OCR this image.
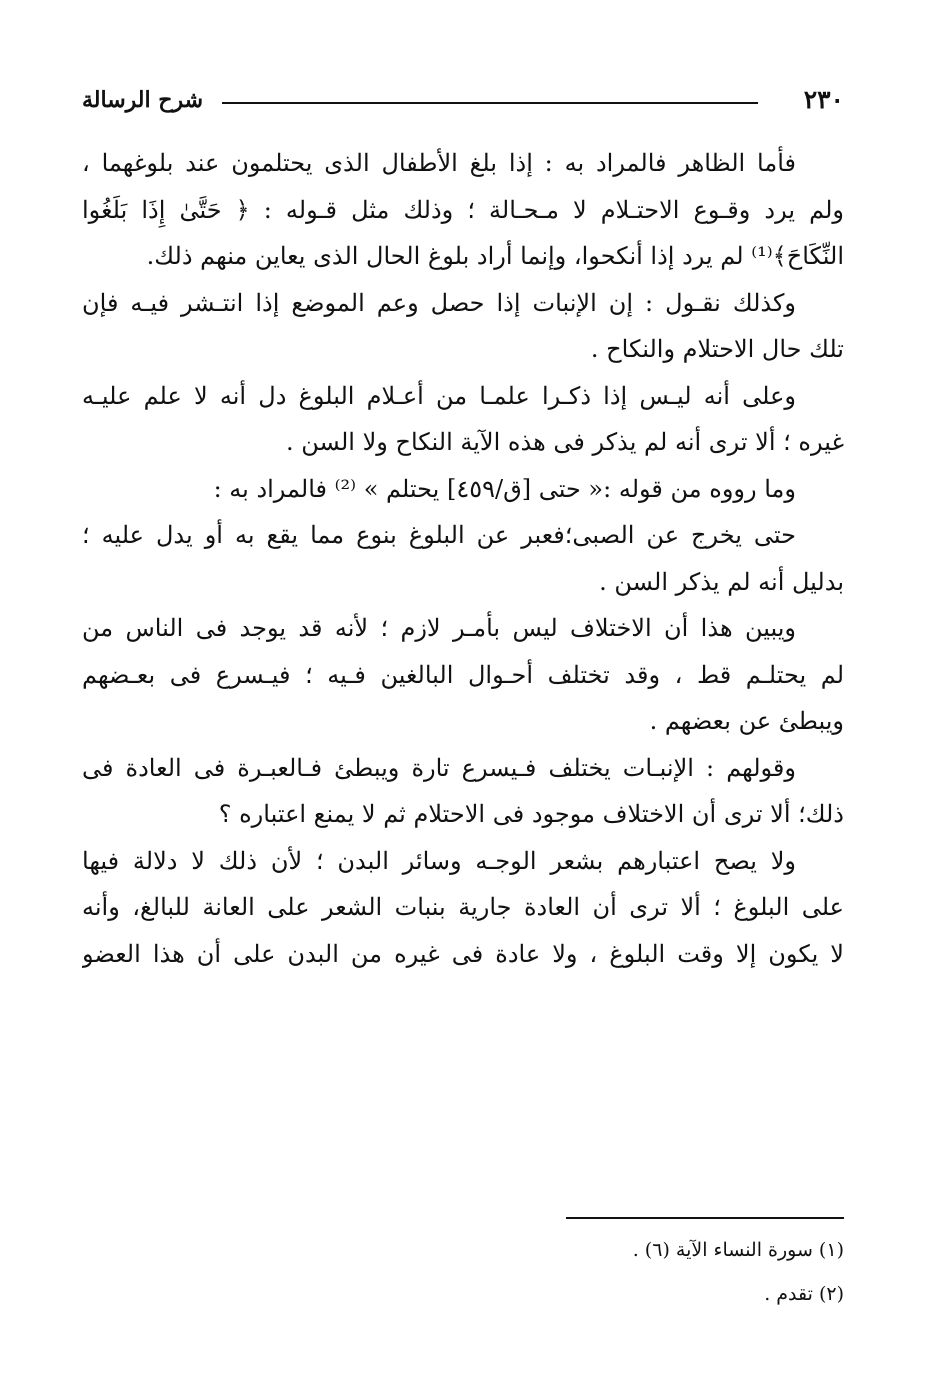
٢٣٠
شرح الرسالة
فأما الظاهر فالمراد به : إذا بلغ الأطفال الذى يحتلمون عند بلوغهما ،
ولم يرد وقـوع الاحتـلام لا مـحـالة ؛ وذلك مثل قـوله : ﴿ حَتَّىٰ إِذَا بَلَغُوا
النِّكَاحَ﴾⁽¹⁾ لم يرد إذا أنكحوا، وإنما أراد بلوغ الحال الذى يعاين منهم ذلك.
وكذلك نقـول : إن الإنبات إذا حصل وعم الموضع إذا انتـشر فيـه فإن
تلك حال الاحتلام والنكاح .
وعلى أنه ليـس إذا ذكـرا علمـا من أعـلام البلوغ دل أنه لا علم عليـه
غيره ؛ ألا ترى أنه لم يذكر فى هذه الآية النكاح ولا السن .
وما رووه من قوله :« حتى [ق/٤٥٩] يحتلم » ⁽²⁾ فالمراد به :
حتى يخرج عن الصبى؛فعبر عن البلوغ بنوع مما يقع به أو يدل عليه ؛
بدليل أنه لم يذكر السن .
ويبين هذا أن الاختلاف ليس بأمـر لازم ؛ لأنه قد يوجد فى الناس من
لم يحتلـم قط ، وقد تختلف أحـوال البالغين فـيه ؛ فيـسرع فى بعـضهم
ويبطئ عن بعضهم .
وقولهم : الإنبـات يختلف فـيسرع تارة ويبطئ فـالعبـرة فى العادة فى
ذلك؛ ألا ترى أن الاختلاف موجود فى الاحتلام ثم لا يمنع اعتباره ؟
ولا يصح اعتبارهم بشعر الوجـه وسائر البدن ؛ لأن ذلك لا دلالة فيها
على البلوغ ؛ ألا ترى أن العادة جارية بنبات الشعر على العانة للبالغ، وأنه
لا يكون إلا وقت البلوغ ، ولا عادة فى غيره من البدن على أن هذا العضو
(١) سورة النساء الآية (٦) .
(٢) تقدم .
